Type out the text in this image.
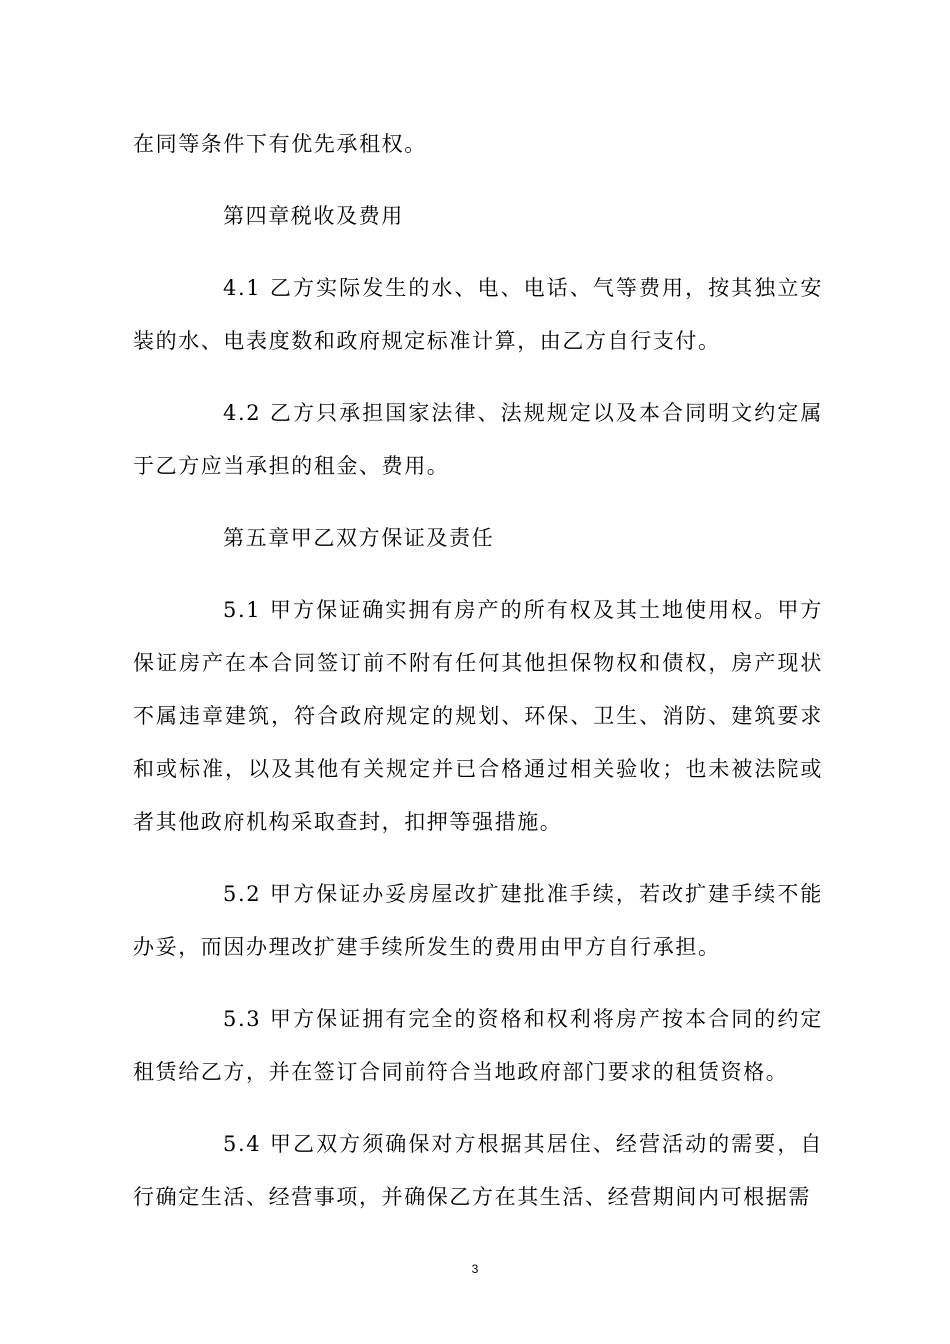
在同等条件下有优先承租权。

第四章税收及费用

4.1 乙方实际发生的水、电、电话、气等费用，按其独立安装的水、电表度数和政府规定标准计算，由乙方自行支付。

4.2 乙方只承担国家法律、法规规定以及本合同明文约定属于乙方应当承担的租金、费用。

第五章甲乙双方保证及责任

5.1 甲方保证确实拥有房产的所有权及其土地使用权。甲方保证房产在本合同签订前不附有任何其他担保物权和债权，房产现状不属违章建筑，符合政府规定的规划、环保、卫生、消防、建筑要求和或标准，以及其他有关规定并已合格通过相关验收；也未被法院或者其他政府机构采取查封，扣押等强措施。

5.2 甲方保证办妥房屋改扩建批准手续，若改扩建手续不能办妥，而因办理改扩建手续所发生的费用由甲方自行承担。

5.3 甲方保证拥有完全的资格和权利将房产按本合同的约定租赁给乙方，并在签订合同前符合当地政府部门要求的租赁资格。

5.4 甲乙双方须确保对方根据其居住、经营活动的需要，自行确定生活、经营事项，并确保乙方在其生活、经营期间内可根据需

3
